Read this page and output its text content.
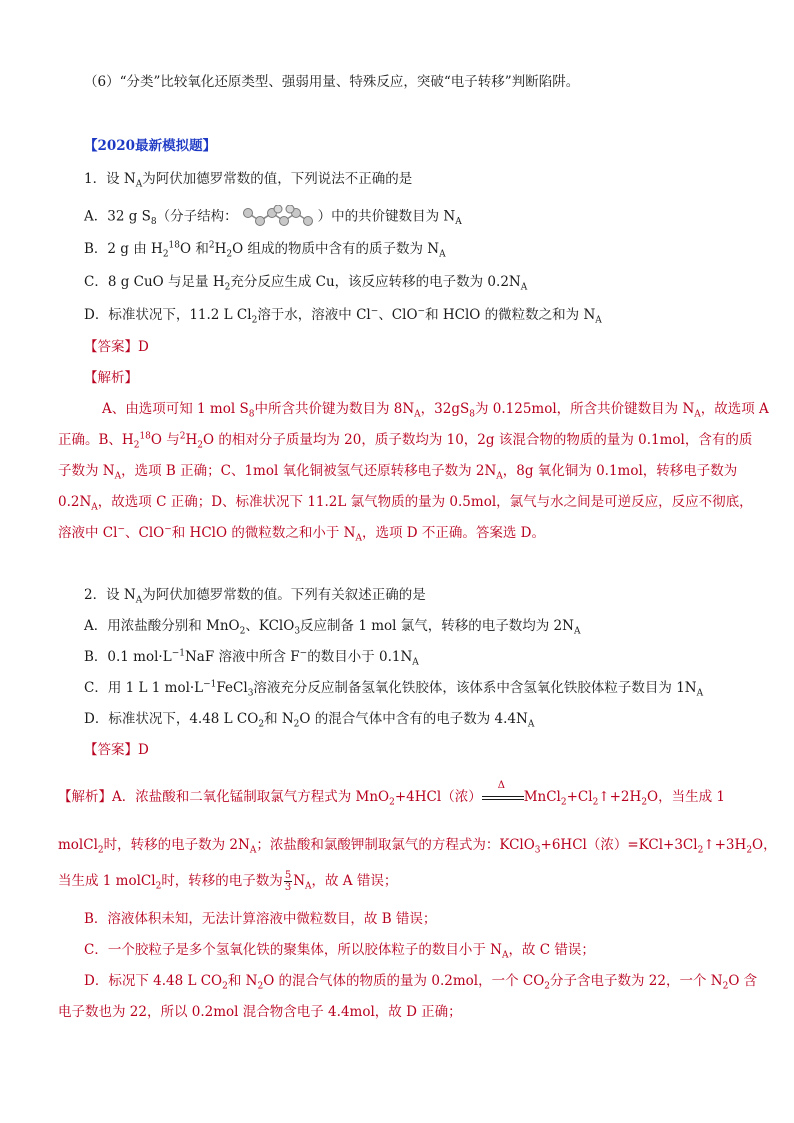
（6）“分类”比较氧化还原类型、强弱用量、特殊反应，突破“电子转移”判断陷阱。
【2020最新模拟题】
1．设 $N_A$为阿伏加德罗常数的值，下列说法不正确的是
A．32 g $S_8$（分子结构：	）中的共价键数目为 $N_A$
B．2 g 由 $H_2^{18}O$ 和$^2H_2O$ 组成的物质中含有的质子数为 $N_A$
C．8 g CuO 与足量 $H_2$充分反应生成 Cu，该反应转移的电子数为 $0.2N_A$
D．标准状况下，11.2 L $Cl_2$溶于水，溶液中 Cl−、ClO−和 HClO 的微粒数之和为 $N_A$
【答案】D
【解析】
A、由选项可知 1 mol $S_8$中所含共价键为数目为 $8N_A$，$32gS_8$为 0.125mol，所含共价键数目为 $N_A$，故选项 A
正确。B、$H_2^{18}O$ 与$^2H_2O$ 的相对分子质量均为 20，质子数均为 10，2g 该混合物的物质的量为 0.1mol，含有的质
子数为 $N_A$，选项 B 正确；C、1mol 氧化铜被氢气还原转移电子数为 $2N_A$，8g 氧化铜为 0.1mol，转移电子数为
$0.2N_A$，故选项 C 正确；D、标准状况下 11.2L 氯气物质的量为 0.5mol，氯气与水之间是可逆反应，反应不彻底，
溶液中 Cl−、ClO−和 HClO 的微粒数之和小于 $N_A$，选项 D 不正确。答案选 D。
2．设 $N_A$为阿伏加德罗常数的值。下列有关叙述正确的是
A．用浓盐酸分别和 MnO$_2$、KClO$_3$反应制备 1 mol 氯气，转移的电子数均为 $2N_A$
B．0.1 $mol\cdot L^{-1}NaF$ 溶液中所含 F−的数目小于 $0.1N_A$
C．用 1 L 1 $mol\cdot L^{-1}FeCl_3$溶液充分反应制备氢氧化铁胶体，该体系中含氢氧化铁胶体粒子数目为 $1N_A$
D．标准状况下，4.48 L $CO_2$和 $N_2O$ 的混合气体中含有的电子数为 $4.4N_A$
【答案】D
【解析】A．浓盐酸和二氧化锰制取氯气方程式为 MnO$_2$+4HCl（浓）
Δ
$MnCl_2+Cl_2↑+2H_2O$，当生成 1
molCl$_2$时，转移的电子数为 $2N_A$；浓盐酸和氯酸钾制取氯气的方程式为：KClO$_3$+6HCl（浓）$=KCl+3Cl_2↑+3H_2O$，
当生成 1 molCl$_2$时，转移的电子数为 $\frac{5}{3} N_A$，故 A 错误；
B．溶液体积未知，无法计算溶液中微粒数目，故 B 错误；
C．一个胶粒子是多个氢氧化铁的聚集体，所以胶体粒子的数目小于 $N_A$，故 C 错误；
D．标况下 4.48 L $CO_2$和 $N_2O$ 的混合气体的物质的量为 0.2mol，一个 $CO_2$分子含电子数为 22，一个 $N_2O$ 含
电子数也为 22，所以 0.2mol 混合物含电子 4.4mol，故 D 正确；
